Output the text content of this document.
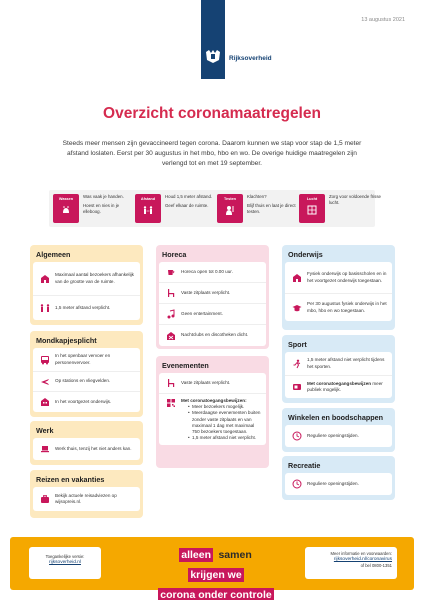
13 augustus 2021
Rijksoverheid
Overzicht coronamaatregelen

Steeds meer mensen zijn gevaccineerd tegen corona. Daarom kunnen we stap voor stap de 1,5 meter afstand loslaten. Eerst per 30 augustus in het mbo, hbo en wo. De overige huidige maatregelen zijn verlengd tot en met 19 september.

Wassen Was vaak je handen.
Hoest en nies in je elleboog.
Afstand Houd 1,5 meter afstand.
Geef elkaar de ruimte.
Testen	Klachten?
Blijf thuis en laat je direct testen.
Lucht	Zorg voor voldoende frisse lucht.
Algemeen
Maximaal aantal bezoekers afhankelijk van de grootte van de ruimte.
1,5 meter afstand verplicht.
Mondkapjesplicht
In het openbaar vervoer en personenvervoer.
Op stations en vliegvelden.
In het voortgezet onderwijs.
Werk
Werk thuis, tenzij het niet anders kan.
Reizen en vakanties
Bekijk actuele reisadviezen op wijsopreis.nl.
Horeca
Horeca open tot 0.00 uur.
Vaste zitplaats verplicht.
Geen entertainment.
Nachtclubs en discotheken dicht.
Evenementen
Vaste zitplaats verplicht.
Met coronatoegangsbewijzen:
• Meer bezoekers mogelijk.
• Meerdaagse evenementen buiten zonder vaste zitplaats en van maximaal 1 dag met maximaal 750 bezoekers toegestaan.
• 1,5 meter afstand niet verplicht.
Onderwijs
Fysiek onderwijs op basisscholen en in het voortgezet onderwijs toegestaan.
Per 30 augustus fysiek onderwijs in het mbo, hbo en wo toegestaan.
Sport
1,5 meter afstand niet verplicht tijdens het sporten.
Met coronatoegangsbewijzen meer publiek mogelijk.
Winkelen en boodschappen
Reguliere openingstijden.
Recreatie
Reguliere openingstijden.
Toegankelijke versie:
rijksoverheid.nl
alleen samen krijgen we
corona onder controle
Meer informatie en voorwaarden:
rijksoverheid.nl/coronavirus
of bel 0800-1351
